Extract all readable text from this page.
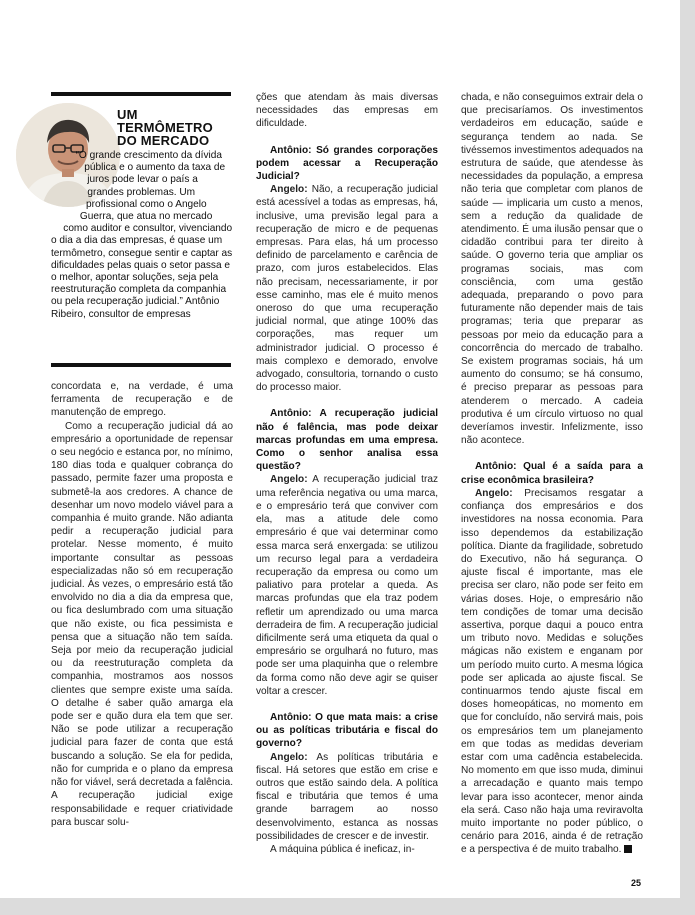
UM
TERMÔMETRO
DO MERCADO
“O grande crescimento da dívida pública e o aumento da taxa de juros pode levar o país a grandes problemas. Um profissional como o Angelo Guerra, que atua no mercado como auditor e consultor, vivenciando o dia a dia das empresas, é quase um termômetro, consegue sentir e captar as dificuldades pelas quais o setor passa e o melhor, apontar soluções, seja pela reestruturação completa da companhia ou pela recuperação judicial.” Antônio Ribeiro, consultor de empresas

concordata e, na verdade, é uma ferramenta de recuperação e de manutenção de emprego.

Como a recuperação judicial dá ao empresário a oportunidade de repensar o seu negócio e estanca por, no mínimo, 180 dias toda e qualquer cobrança do passado, permite fazer uma proposta e submetê-la aos credores. A chance de desenhar um novo modelo viável para a companhia é muito grande. Não adianta pedir a recuperação judicial para protelar. Nesse momento, é muito importante consultar as pessoas especializadas não só em recuperação judicial. Às vezes, o empresário está tão envolvido no dia a dia da empresa que, ou fica deslumbrado com uma situação que não existe, ou fica pessimista e pensa que a situação não tem saída. Seja por meio da recuperação judicial ou da reestruturação completa da companhia, mostramos aos nossos clientes que sempre existe uma saída. O detalhe é saber quão amarga ela pode ser e quão dura ela tem que ser. Não se pode utilizar a recuperação judicial para fazer de conta que está buscando a solução. Se ela for pedida, não for cumprida e o plano da empresa não for viável, será decretada a falência. A recuperação judicial exige responsabilidade e requer criatividade para buscar solu-

ções que atendam às mais diversas necessidades das empresas em dificuldade.

Antônio: Só grandes corporações podem acessar a Recuperação Judicial?

Angelo: Não, a recuperação judicial está acessível a todas as empresas, há, inclusive, uma previsão legal para a recuperação de micro e de pequenas empresas. Para elas, há um processo definido de parcelamento e carência de prazo, com juros estabelecidos. Elas não precisam, necessariamente, ir por esse caminho, mas ele é muito menos oneroso do que uma recuperação judicial normal, que atinge 100% das corporações, mas requer um administrador judicial. O processo é mais complexo e demorado, envolve advogado, consultoria, tornando o custo do processo maior.

Antônio: A recuperação judicial não é falência, mas pode deixar marcas profundas em uma empresa. Como o senhor analisa essa questão?

Angelo: A recuperação judicial traz uma referência negativa ou uma marca, e o empresário terá que conviver com ela, mas a atitude dele como empresário é que vai determinar como essa marca será enxergada: se utilizou um recurso legal para a verdadeira recuperação da empresa ou como um paliativo para protelar a queda. As marcas profundas que ela traz podem refletir um aprendizado ou uma marca derradeira de fim. A recuperação judicial dificilmente será uma etiqueta da qual o empresário se orgulhará no futuro, mas pode ser uma plaquinha que o relembre da forma como não deve agir se quiser voltar a crescer.

Antônio: O que mata mais: a crise ou as políticas tributária e fiscal do governo?

Angelo: As políticas tributária e fiscal. Há setores que estão em crise e outros que estão saindo dela. A política fiscal e tributária que temos é uma grande barragem ao nosso desenvolvimento, estanca as nossas possibilidades de crescer e de investir.

A máquina pública é ineficaz, in-

chada, e não conseguimos extrair dela o que precisaríamos. Os investimentos verdadeiros em educação, saúde e segurança tendem ao nada. Se tivéssemos investimentos adequados na estrutura de saúde, que atendesse às necessidades da população, a empresa não teria que completar com planos de saúde — implicaria um custo a menos, sem a redução da qualidade de atendimento. É uma ilusão pensar que o cidadão contribui para ter direito à saúde. O governo teria que ampliar os programas sociais, mas com consciência, com uma gestão adequada, preparando o povo para futuramente não depender mais de tais programas; teria que preparar as pessoas por meio da educação para a concorrência do mercado de trabalho. Se existem programas sociais, há um aumento do consumo; se há consumo, é preciso preparar as pessoas para atenderem o mercado. A cadeia produtiva é um círculo virtuoso no qual deveríamos investir. Infelizmente, isso não acontece.

Antônio: Qual é a saída para a crise econômica brasileira?

Angelo: Precisamos resgatar a confiança dos empresários e dos investidores na nossa economia. Para isso dependemos da estabilização política. Diante da fragilidade, sobretudo do Executivo, não há segurança. O ajuste fiscal é importante, mas ele precisa ser claro, não pode ser feito em várias doses. Hoje, o empresário não tem condições de tomar uma decisão assertiva, porque daqui a pouco entra um tributo novo. Medidas e soluções mágicas não existem e enganam por um período muito curto. A mesma lógica pode ser aplicada ao ajuste fiscal. Se continuarmos tendo ajuste fiscal em doses homeopáticas, no momento em que for concluído, não servirá mais, pois os empresários tem um planejamento em que todas as medidas deveriam estar com uma cadência estabelecida. No momento em que isso muda, diminui a arrecadação e quanto mais tempo levar para isso acontecer, menor ainda ela será. Caso não haja uma reviravolta muito importante no poder público, o cenário para 2016, ainda é de retração e a perspectiva é de muito trabalho.

25
